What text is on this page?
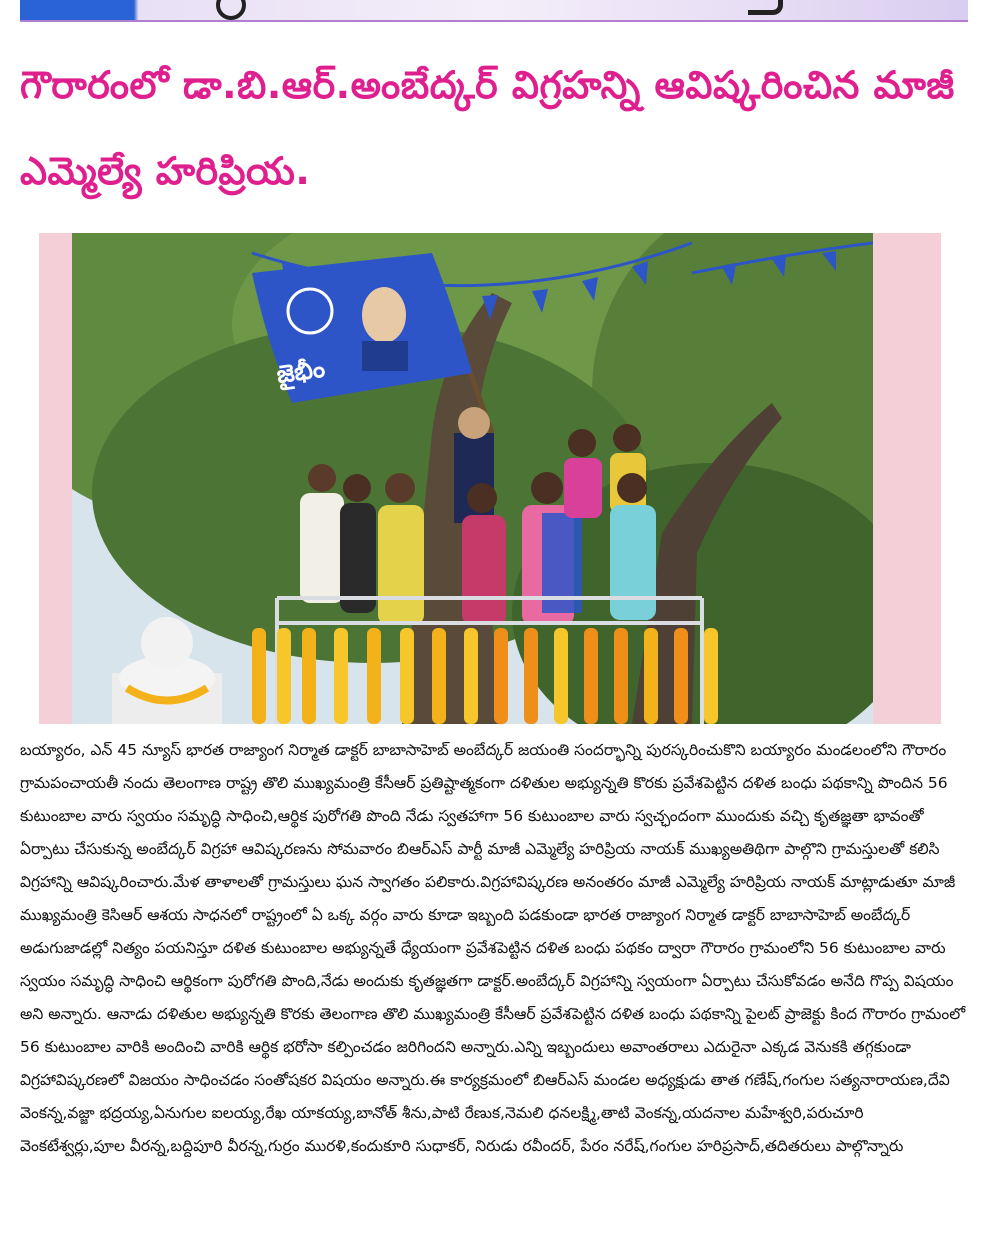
గౌరారంలో డా.బి.ఆర్.అంబేద్కర్ విగ్రహన్ని ఆవిష్కరించిన మాజీ ఎమ్మెల్యే హరిప్రియ.
జైభీం

బయ్యారం, ఎన్ 45 న్యూస్ భారత రాజ్యాంగ నిర్మాత డాక్టర్ బాబాసాహెబ్ అంబేద్కర్ జయంతి సందర్భాన్ని పురస్కరించుకొని బయ్యారం మండలంలోని గౌరారం గ్రామపంచాయతీ నందు తెలంగాణ రాష్ట్ర తొలి ముఖ్యమంత్రి కేసీఆర్ ప్రతిష్టాత్మకంగా దళితుల అభ్యున్నతి కొరకు ప్రవేశపెట్టిన దళిత బంధు పథకాన్ని పొందిన 56 కుటుంబాల వారు స్వయం సమృద్ధి సాధించి,ఆర్థిక పురోగతి పొంది నేడు స్వతహాగా 56 కుటుంబాల వారు స్వచ్ఛందంగా ముందుకు వచ్చి కృతజ్ఞతా భావంతో ఏర్పాటు చేసుకున్న అంబేద్కర్ విగ్రహా ఆవిష్కరణను సోమవారం బిఆర్ఎస్ పార్టీ మాజీ ఎమ్మెల్యే హరిప్రియ నాయక్ ముఖ్యఅతిథిగా పాల్గొని గ్రామస్తులతో కలిసి విగ్రహాన్ని ఆవిష్కరించారు.మేళ తాళాలతో గ్రామస్తులు ఘన స్వాగతం పలికారు.విగ్రహావిష్కరణ అనంతరం మాజీ ఎమ్మెల్యే హరిప్రియ నాయక్ మాట్లాడుతూ మాజీ ముఖ్యమంత్రి కెసిఆర్ ఆశయ సాధనలో రాష్ట్రంలో ఏ ఒక్క వర్గం వారు కూడా ఇబ్బంది పడకుండా భారత రాజ్యాంగ నిర్మాత డాక్టర్ బాబాసాహెబ్ అంబేద్కర్ అడుగుజాడల్లో నిత్యం పయనిస్తూ దళిత కుటుంబాల అభ్యున్నతే ధ్యేయంగా ప్రవేశపెట్టిన దళిత బంధు పథకం ద్వారా గౌరారం గ్రామంలోని 56 కుటుంబాల వారు స్వయం సమృద్ధి సాధించి ఆర్థికంగా పురోగతి పొంది,నేడు అందుకు కృతజ్ఞతగా డాక్టర్.అంబేద్కర్ విగ్రహాన్ని స్వయంగా ఏర్పాటు చేసుకోవడం అనేది గొప్ప విషయం అని అన్నారు. ఆనాడు దళితుల అభ్యున్నతి కొరకు తెలంగాణ తొలి ముఖ్యమంత్రి కేసీఆర్ ప్రవేశపెట్టిన దళిత బంధు పథకాన్ని పైలట్ ప్రాజెక్టు కింద గౌరారం గ్రామంలో 56 కుటుంబాల వారికి అందించి వారికి ఆర్థిక భరోసా కల్పించడం జరిగిందని అన్నారు.ఎన్ని ఇబ్బందులు అవాంతరాలు ఎదురైనా ఎక్కడ వెనుకకి తగ్గకుండా విగ్రహావిష్కరణలో విజయం సాధించడం సంతోషకర విషయం అన్నారు.ఈ కార్యక్రమంలో బిఆర్ఎస్ మండల అధ్యక్షుడు తాత గణేష్,గంగుల సత్యనారాయణ,దేవి వెంకన్న,వజ్జా భద్రయ్య,ఏనుగుల ఐలయ్య,రేఖ యాకయ్య,బానోత్ శీను,పాటి రేణుక,నెమలి ధనలక్ష్మి,తాటి వెంకన్న,యదనాల మహేశ్వరి,పరుచూరి వెంకటేశ్వర్లు,పూల వీరన్న,బద్దిపూరి వీరన్న,గుర్రం మురళి,కందుకూరి సుధాకర్, నిరుడు రవీందర్, పేరం నరేష్,గంగుల హరిప్రసాద్,తదితరులు పాల్గొన్నారు
